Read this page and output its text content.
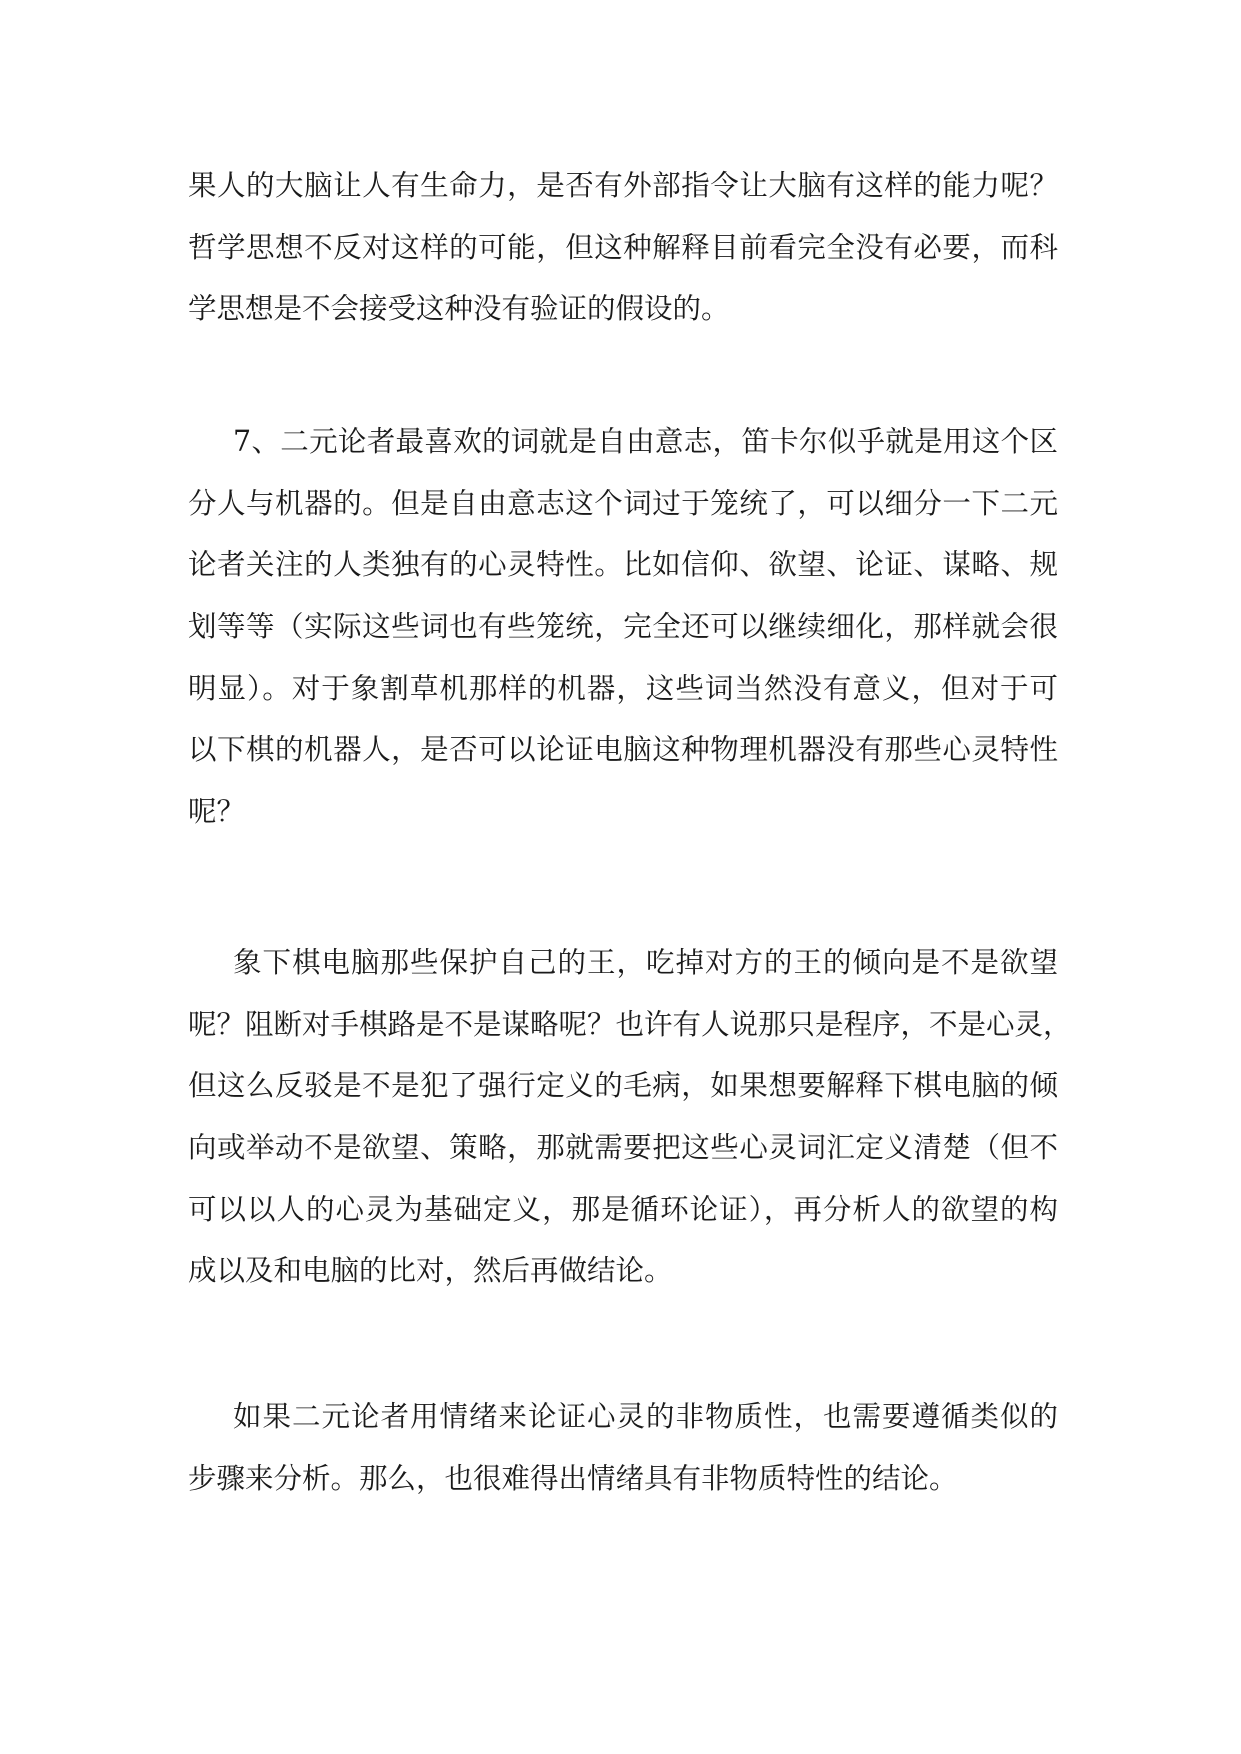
果人的大脑让人有生命力，是否有外部指令让大脑有这样的能力呢？
哲学思想不反对这样的可能，但这种解释目前看完全没有必要，而科
学思想是不会接受这种没有验证的假设的。
7、二元论者最喜欢的词就是自由意志，笛卡尔似乎就是用这个区
分人与机器的。但是自由意志这个词过于笼统了，可以细分一下二元
论者关注的人类独有的心灵特性。比如信仰、欲望、论证、谋略、规
划等等（实际这些词也有些笼统，完全还可以继续细化，那样就会很
明显）。对于象割草机那样的机器，这些词当然没有意义，但对于可
以下棋的机器人，是否可以论证电脑这种物理机器没有那些心灵特性
呢？
象下棋电脑那些保护自己的王，吃掉对方的王的倾向是不是欲望
呢？阻断对手棋路是不是谋略呢？也许有人说那只是程序，不是心灵，
但这么反驳是不是犯了强行定义的毛病，如果想要解释下棋电脑的倾
向或举动不是欲望、策略，那就需要把这些心灵词汇定义清楚（但不
可以以人的心灵为基础定义，那是循环论证），再分析人的欲望的构
成以及和电脑的比对，然后再做结论。
如果二元论者用情绪来论证心灵的非物质性，也需要遵循类似的
步骤来分析。那么，也很难得出情绪具有非物质特性的结论。
